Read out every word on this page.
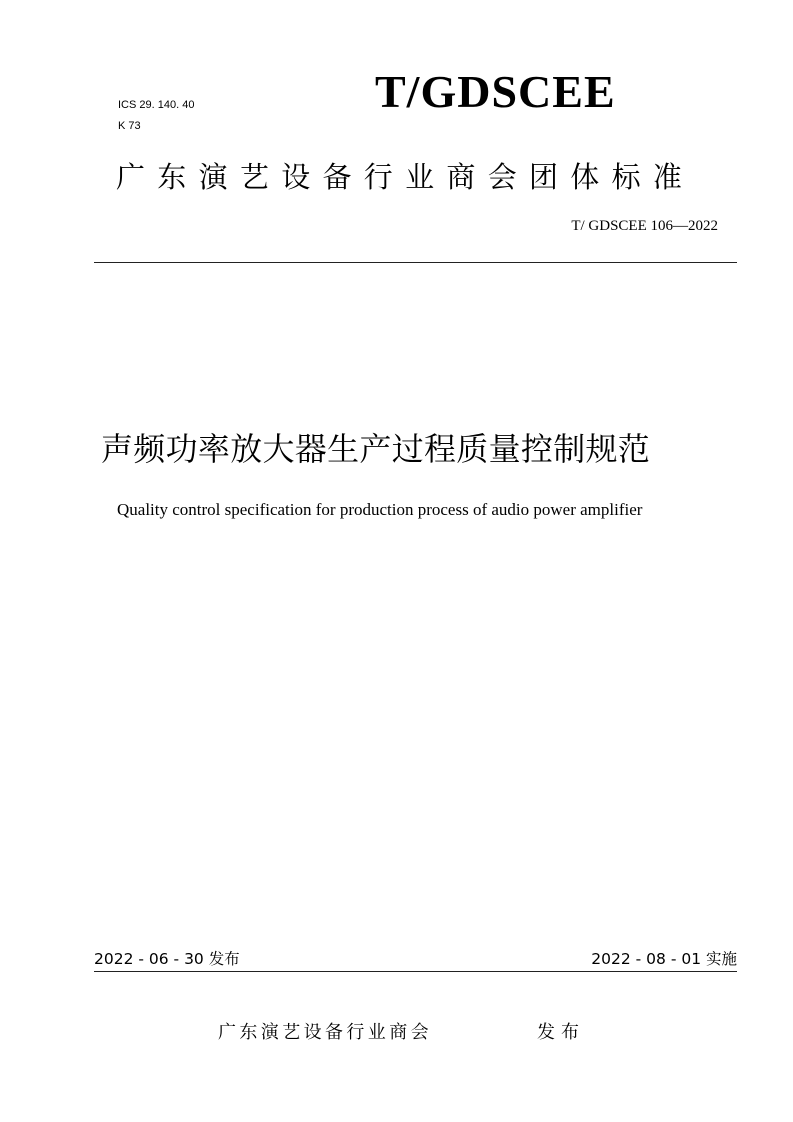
ICS 29. 140. 40
K 73
T/GDSCEE
广东演艺设备行业商会团体标准
T/ GDSCEE 106—2022
声频功率放大器生产过程质量控制规范
Quality control specification for production process of audio power amplifier
2022 - 06 - 30 发布	2022 - 08 - 01 实施
广东演艺设备行业商会	发布
